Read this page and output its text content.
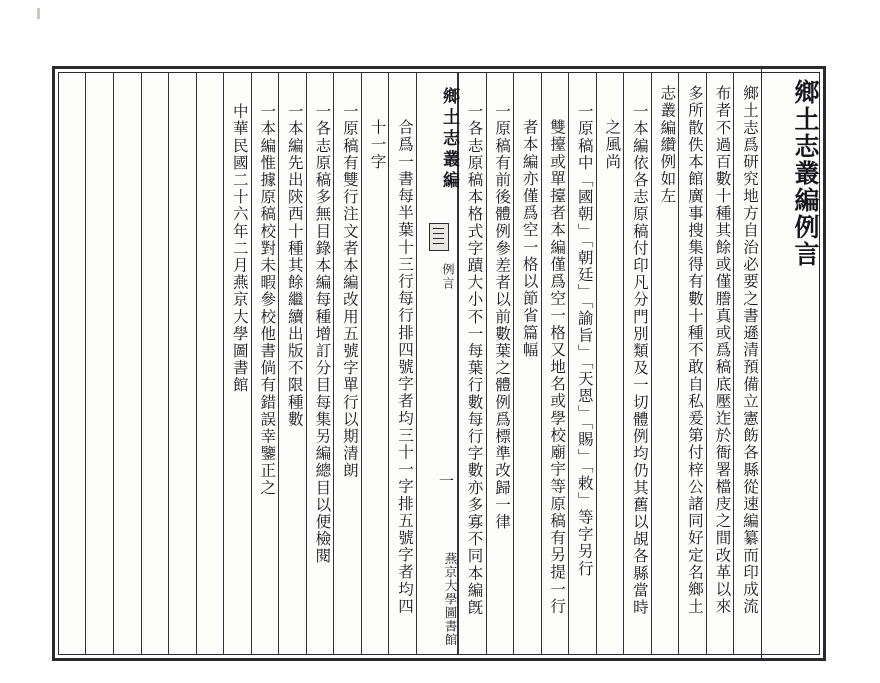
鄉土志叢編例言
鄉土志爲研究地方自治必要之書遜清預備立憲飭各縣從速編纂而印成流
布者不過百數十種其餘或僅謄真或爲稿底壓迮於衙署檔庋之間改革以來
多所散佚本館廣事搜集得有數十種不敢自私爰第付梓公諸同好定名鄉土
志叢編纘例如左
一本編依各志原稿付印凡分門別類及一切體例均仍其舊以覘各縣當時
之風尚
一原稿中「國朝」「朝廷」「諭旨」「天恩」「賜」「敕」等字另行
雙擡或單擡者本編僅爲空一格又地名或學校廟宇等原稿有另提一行
者本編亦僅爲空一格以節省篇幅
一原稿有前後體例參差者以前數葉之體例爲標準改歸一律
一各志原稿本格式字蹟大小不一每葉行數每行字數亦多寡不同本編旣
鄉土志叢編
例言
一
燕京大學圖書館
合爲一書每半葉十三行每行排四號字者均三十一字排五號字者均四
十一字
一原稿有雙行注文者本編改用五號字單行以期清朗
一各志原稿多無目錄本編每種增訂分目每集另編總目以便檢閱
一本編先出陝西十種其餘繼續出版不限種數
一本編惟據原稿校對未暇參校他書倘有錯誤幸鑒正之
中華民國二十六年二月燕京大學圖書館
